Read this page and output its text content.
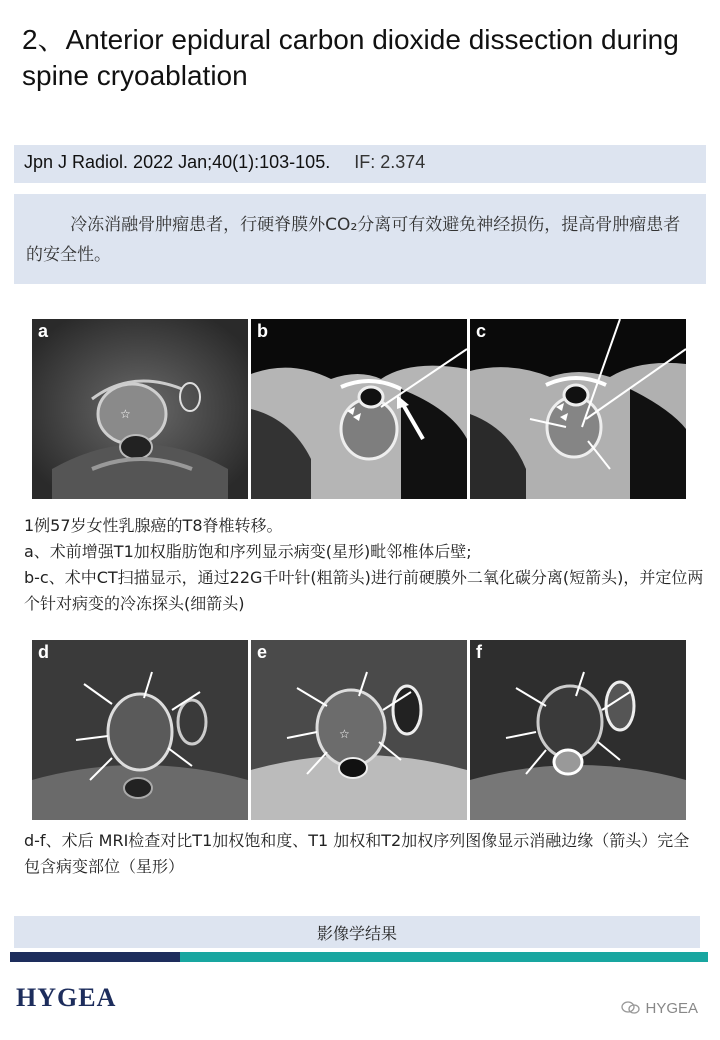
2、Anterior epidural carbon dioxide dissection during spine cryoablation
Jpn J Radiol. 2022 Jan;40(1):103-105. IF: 2.374

冷冻消融骨肿瘤患者，行硬脊膜外CO₂分离可有效避免神经损伤，提高骨肿瘤患者的安全性。

☆
a	b	c
1例57岁女性乳腺癌的T8脊椎转移。
a、术前增强T1加权脂肪饱和序列显示病变(星形)毗邻椎体后壁;
b-c、术中CT扫描显示，通过22G千叶针(粗箭头)进行前硬膜外二氧化碳分离(短箭头)，并定位两个针对病变的冷冻探头(细箭头)
d
☆
e	f
d-f、术后 MRI检查对比T1加权饱和度、T1 加权和T2加权序列图像显示消融边缘（箭头）完全包含病变部位（星形）
影像学结果
HYGEA	HYGEA
